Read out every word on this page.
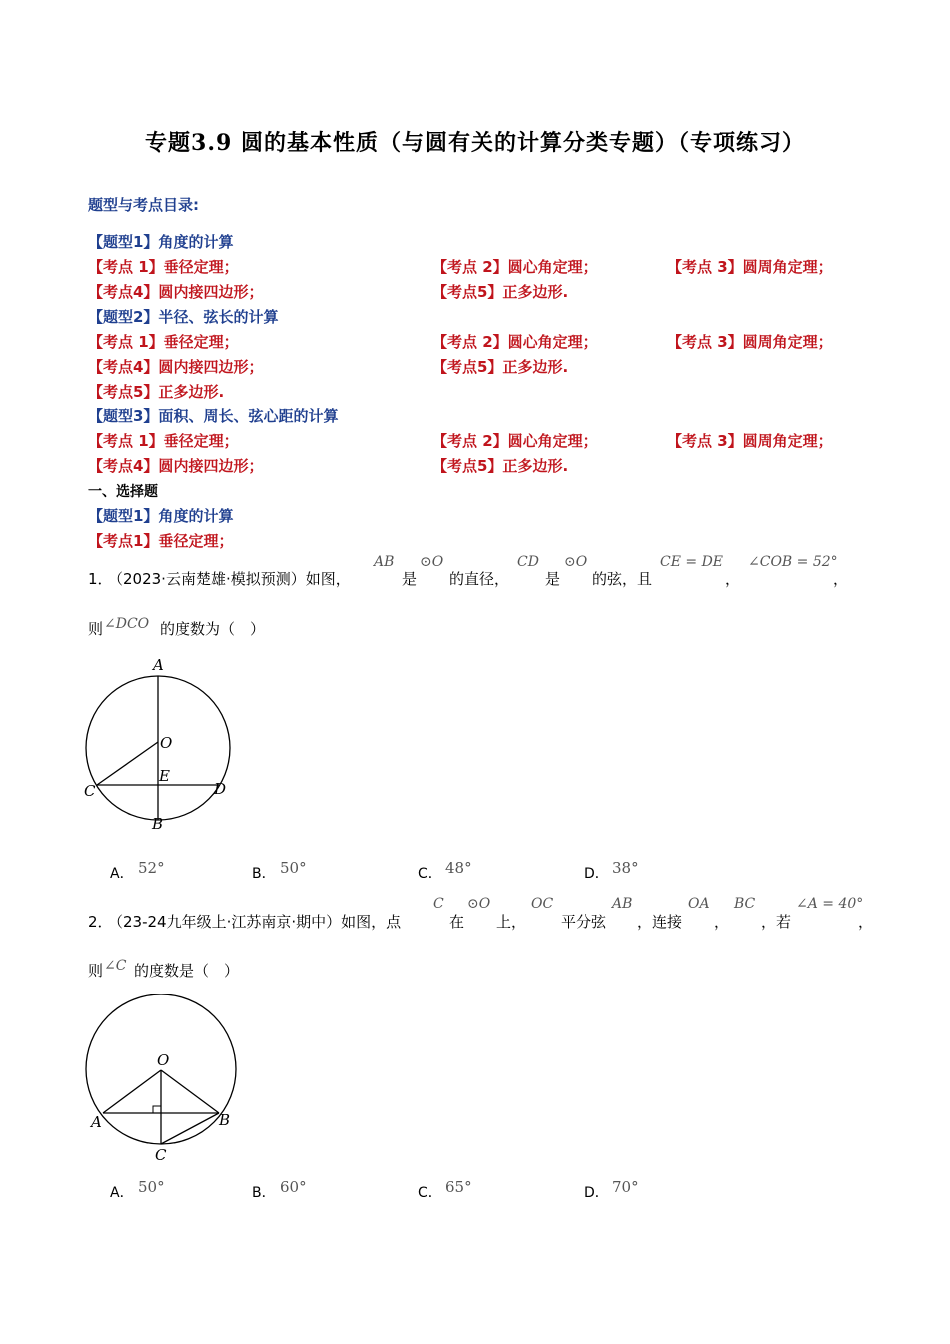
专题3.9 圆的基本性质（与圆有关的计算分类专题）（专项练习）
题型与考点目录:
【题型1】角度的计算
【考点 1】垂径定理；	【考点 2】圆心角定理；	【考点 3】圆周角定理；
【考点4】圆内接四边形；	【考点5】正多边形.
【题型2】半径、弦长的计算
【考点 1】垂径定理；	【考点 2】圆心角定理；	【考点 3】圆周角定理；
【考点4】圆内接四边形；	【考点5】正多边形.
【考点5】正多边形.
【题型3】面积、周长、弦心距的计算
【考点 1】垂径定理；	【考点 2】圆心角定理；	【考点 3】圆周角定理；
【考点4】圆内接四边形；	【考点5】正多边形.
一、选择题
【题型1】角度的计算
【考点1】垂径定理；
1．
（2023·云南楚雄·模拟预测）如图，
AB
是
⊙O
的直径，
CD
是
⊙O
的弦，且
CE = DE
，
∠COB = 52°
，
则 ∠DCO 的度数为（　）
A
O
E
C	D
B
A． 52°	B． 50°	C． 48°	D． 38°
2．
（23-24九年级上·江苏南京·期中）如图，点
C
在
⊙O
上，
OC
平分弦
AB
，连接
OA
，
BC
，若
∠A = 40°
，
则 ∠C 的度数是（　）
O
A	B
C
A． 50°	B． 60°	C． 65°	D． 70°
